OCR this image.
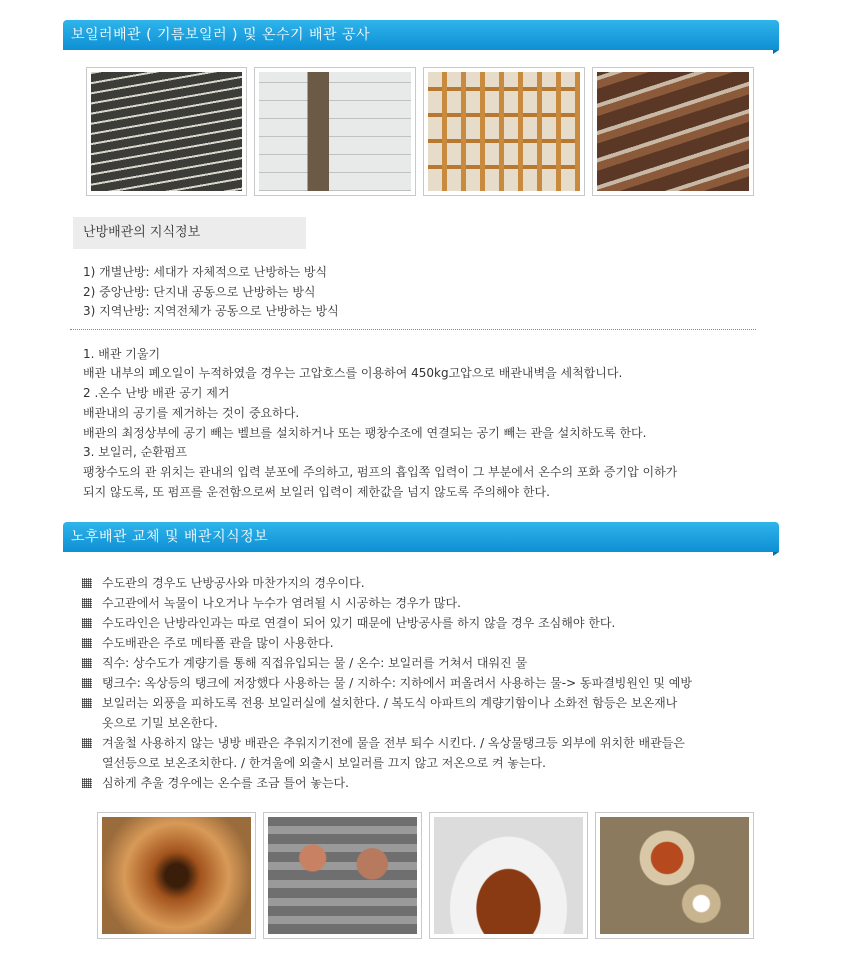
보일러배관 ( 기름보일러 ) 및 온수기 배관 공사
난방배관의 지식정보
1) 개별난방: 세대가 자체적으로 난방하는 방식
2) 중앙난방: 단지내 공동으로 난방하는 방식
3) 지역난방: 지역전체가 공동으로 난방하는 방식
1. 배관 기울기
배관 내부의 폐오일이 누적하였을 경우는 고압호스를 이용하여 450kg고압으로 배관내벽을 세척합니다.
2 .온수 난방 배관 공기 제거
배관내의 공기를 제거하는 것이 중요하다.
배관의 최정상부에 공기 빼는 벨브를 설치하거나 또는 팽창수조에 연결되는 공기 빼는 관을 설치하도록 한다.
3. 보일러, 순환펌프
팽창수도의 관 위치는 관내의 입력 분포에 주의하고, 펌프의 흡입쪽 입력이 그 부분에서 온수의 포화 증기압 이하가
되지 않도록, 또 펌프를 운전함으로써 보일러 입력이 제한값을 넘지 않도록 주의해야 한다.
노후배관 교체 및 배관지식정보
수도관의 경우도 난방공사와 마찬가지의 경우이다.
수고관에서 녹물이 나오거나 누수가 염려될 시 시공하는 경우가 많다.
수도라인은 난방라인과는 따로 연결이 되어 있기 때문에 난방공사를 하지 않을 경우 조심해야 한다.
수도배관은 주로 메타폴 관을 많이 사용한다.
직수: 상수도가 계량기를 통해 직접유입되는 물 / 온수: 보일러를 거쳐서 대워진 물
탱크수: 옥상등의 탱크에 저장했다 사용하는 물 / 지하수: 지하에서 퍼올려서 사용하는 물-> 동파결빙원인 및 예방
보일러는 외풍을 피하도록 전용 보일러실에 설치한다. / 복도식 아파트의 계량기함이나 소화전 함등은 보온재나
옷으로 기밀 보온한다.
겨울철 사용하지 않는 냉방 배관은 추워지기전에 물을 전부 퇴수 시킨다. / 옥상물탱크등 외부에 위치한 배관들은
열선등으로 보온조치한다. / 한겨울에 외출시 보일러를 끄지 않고 저온으로 켜 놓는다.
심하게 추울 경우에는 온수를 조금 틀어 놓는다.
